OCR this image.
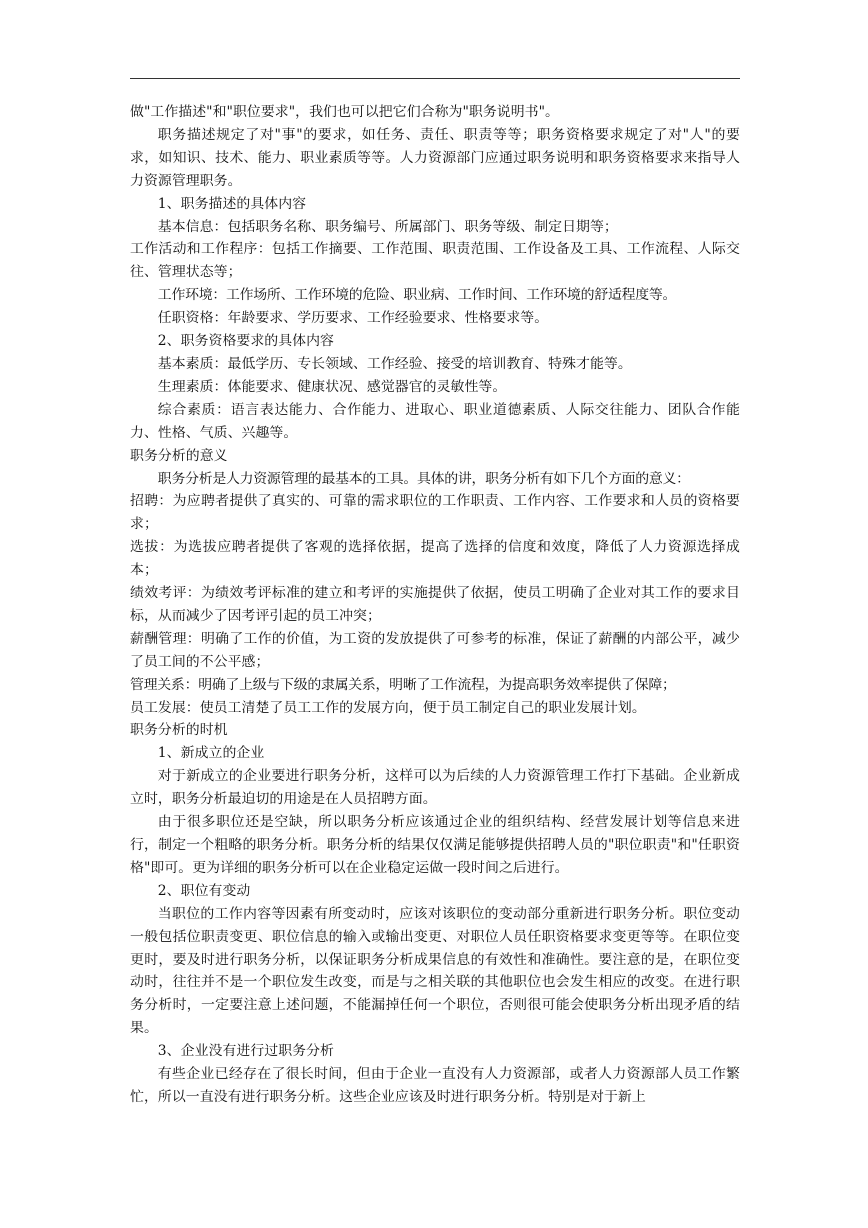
做"工作描述"和"职位要求"，我们也可以把它们合称为"职务说明书"。

职务描述规定了对"事"的要求，如任务、责任、职责等等；职务资格要求规定了对"人"的要求，如知识、技术、能力、职业素质等等。人力资源部门应通过职务说明和职务资格要求来指导人力资源管理职务。

1、职务描述的具体内容

基本信息：包括职务名称、职务编号、所属部门、职务等级、制定日期等；

工作活动和工作程序：包括工作摘要、工作范围、职责范围、工作设备及工具、工作流程、人际交往、管理状态等；

工作环境：工作场所、工作环境的危险、职业病、工作时间、工作环境的舒适程度等。

任职资格：年龄要求、学历要求、工作经验要求、性格要求等。

2、职务资格要求的具体内容

基本素质：最低学历、专长领域、工作经验、接受的培训教育、特殊才能等。

生理素质：体能要求、健康状况、感觉器官的灵敏性等。

综合素质：语言表达能力、合作能力、进取心、职业道德素质、人际交往能力、团队合作能力、性格、气质、兴趣等。

职务分析的意义

职务分析是人力资源管理的最基本的工具。具体的讲，职务分析有如下几个方面的意义：

招聘：为应聘者提供了真实的、可靠的需求职位的工作职责、工作内容、工作要求和人员的资格要求；

选拔：为选拔应聘者提供了客观的选择依据，提高了选择的信度和效度，降低了人力资源选择成本；

绩效考评：为绩效考评标准的建立和考评的实施提供了依据，使员工明确了企业对其工作的要求目标，从而减少了因考评引起的员工冲突；

薪酬管理：明确了工作的价值，为工资的发放提供了可参考的标准，保证了薪酬的内部公平，减少了员工间的不公平感；

管理关系：明确了上级与下级的隶属关系，明晰了工作流程，为提高职务效率提供了保障；

员工发展：使员工清楚了员工工作的发展方向，便于员工制定自己的职业发展计划。

职务分析的时机

1、新成立的企业

对于新成立的企业要进行职务分析，这样可以为后续的人力资源管理工作打下基础。企业新成立时，职务分析最迫切的用途是在人员招聘方面。

由于很多职位还是空缺，所以职务分析应该通过企业的组织结构、经营发展计划等信息来进行，制定一个粗略的职务分析。职务分析的结果仅仅满足能够提供招聘人员的"职位职责"和"任职资格"即可。更为详细的职务分析可以在企业稳定运做一段时间之后进行。

2、职位有变动

当职位的工作内容等因素有所变动时，应该对该职位的变动部分重新进行职务分析。职位变动一般包括位职责变更、职位信息的输入或输出变更、对职位人员任职资格要求变更等等。在职位变更时，要及时进行职务分析，以保证职务分析成果信息的有效性和准确性。要注意的是，在职位变动时，往往并不是一个职位发生改变，而是与之相关联的其他职位也会发生相应的改变。在进行职务分析时，一定要注意上述问题，不能漏掉任何一个职位，否则很可能会使职务分析出现矛盾的结果。

3、企业没有进行过职务分析

有些企业已经存在了很长时间，但由于企业一直没有人力资源部，或者人力资源部人员工作繁忙，所以一直没有进行职务分析。这些企业应该及时进行职务分析。特别是对于新上
